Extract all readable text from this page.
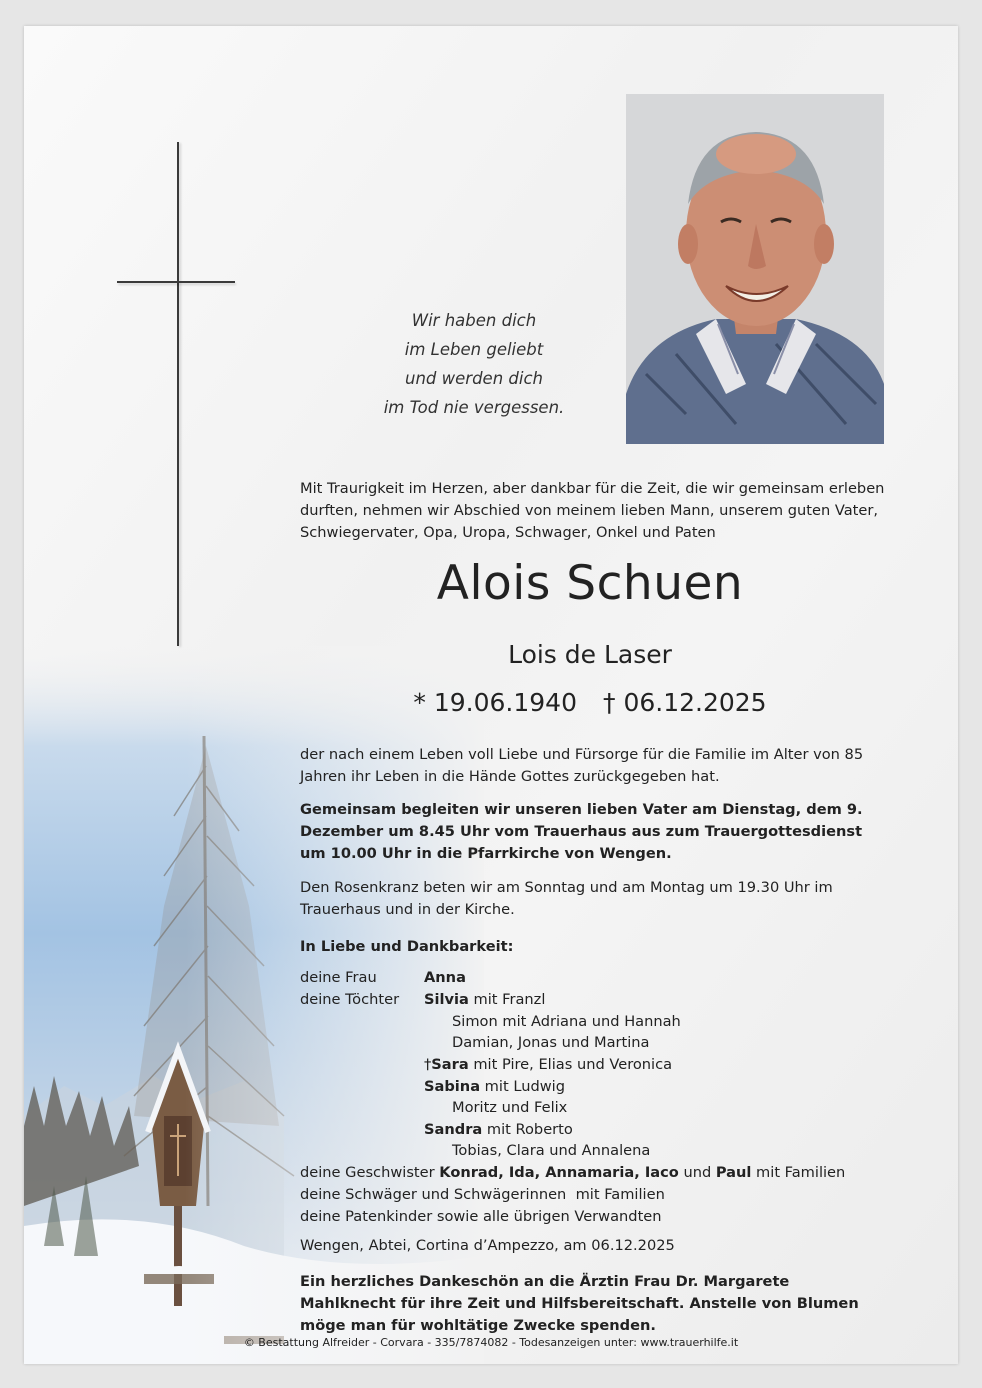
Wir haben dich
im Leben geliebt
und werden dich
im Tod nie vergessen.
Mit Traurigkeit im Herzen, aber dankbar für die Zeit, die wir gemeinsam erleben durften, nehmen wir Abschied von meinem lieben Mann, unserem guten Vater, Schwiegervater, Opa, Uropa, Schwager, Onkel und Paten
Alois Schuen
Lois de Laser
* 19.06.1940 † 06.12.2025
der nach einem Leben voll Liebe und Fürsorge für die Familie im Alter von 85 Jahren ihr Leben in die Hände Gottes zurückgegeben hat.
Gemeinsam begleiten wir unseren lieben Vater am Dienstag, dem 9. Dezember um 8.45 Uhr vom Trauerhaus aus zum Trauergottesdienst um 10.00 Uhr in die Pfarrkirche von Wengen.
Den Rosenkranz beten wir am Sonntag und am Montag um 19.30 Uhr im Trauerhaus und in der Kirche.
In Liebe und Dankbarkeit:
deine Frau	Anna
deine Töchter Silvia mit Franzl
Simon mit Adriana und Hannah
Damian, Jonas und Martina
†Sara mit Pire, Elias und Veronica
Sabina mit Ludwig
Moritz und Felix
Sandra mit Roberto
Tobias, Clara und Annalena
deine Geschwister Konrad, Ida, Annamaria, Iaco und Paul mit Familien
deine Schwäger und Schwägerinnen  mit Familien
deine Patenkinder sowie alle übrigen Verwandten
Wengen, Abtei, Cortina d’Ampezzo, am 06.12.2025
Ein herzliches Dankeschön an die Ärztin Frau Dr. Margarete Mahlknecht für ihre Zeit und Hilfsbereitschaft. Anstelle von Blumen möge man für wohltätige Zwecke spenden.
© Bestattung Alfreider - Corvara - 335/7874082 - Todesanzeigen unter: www.trauerhilfe.it
